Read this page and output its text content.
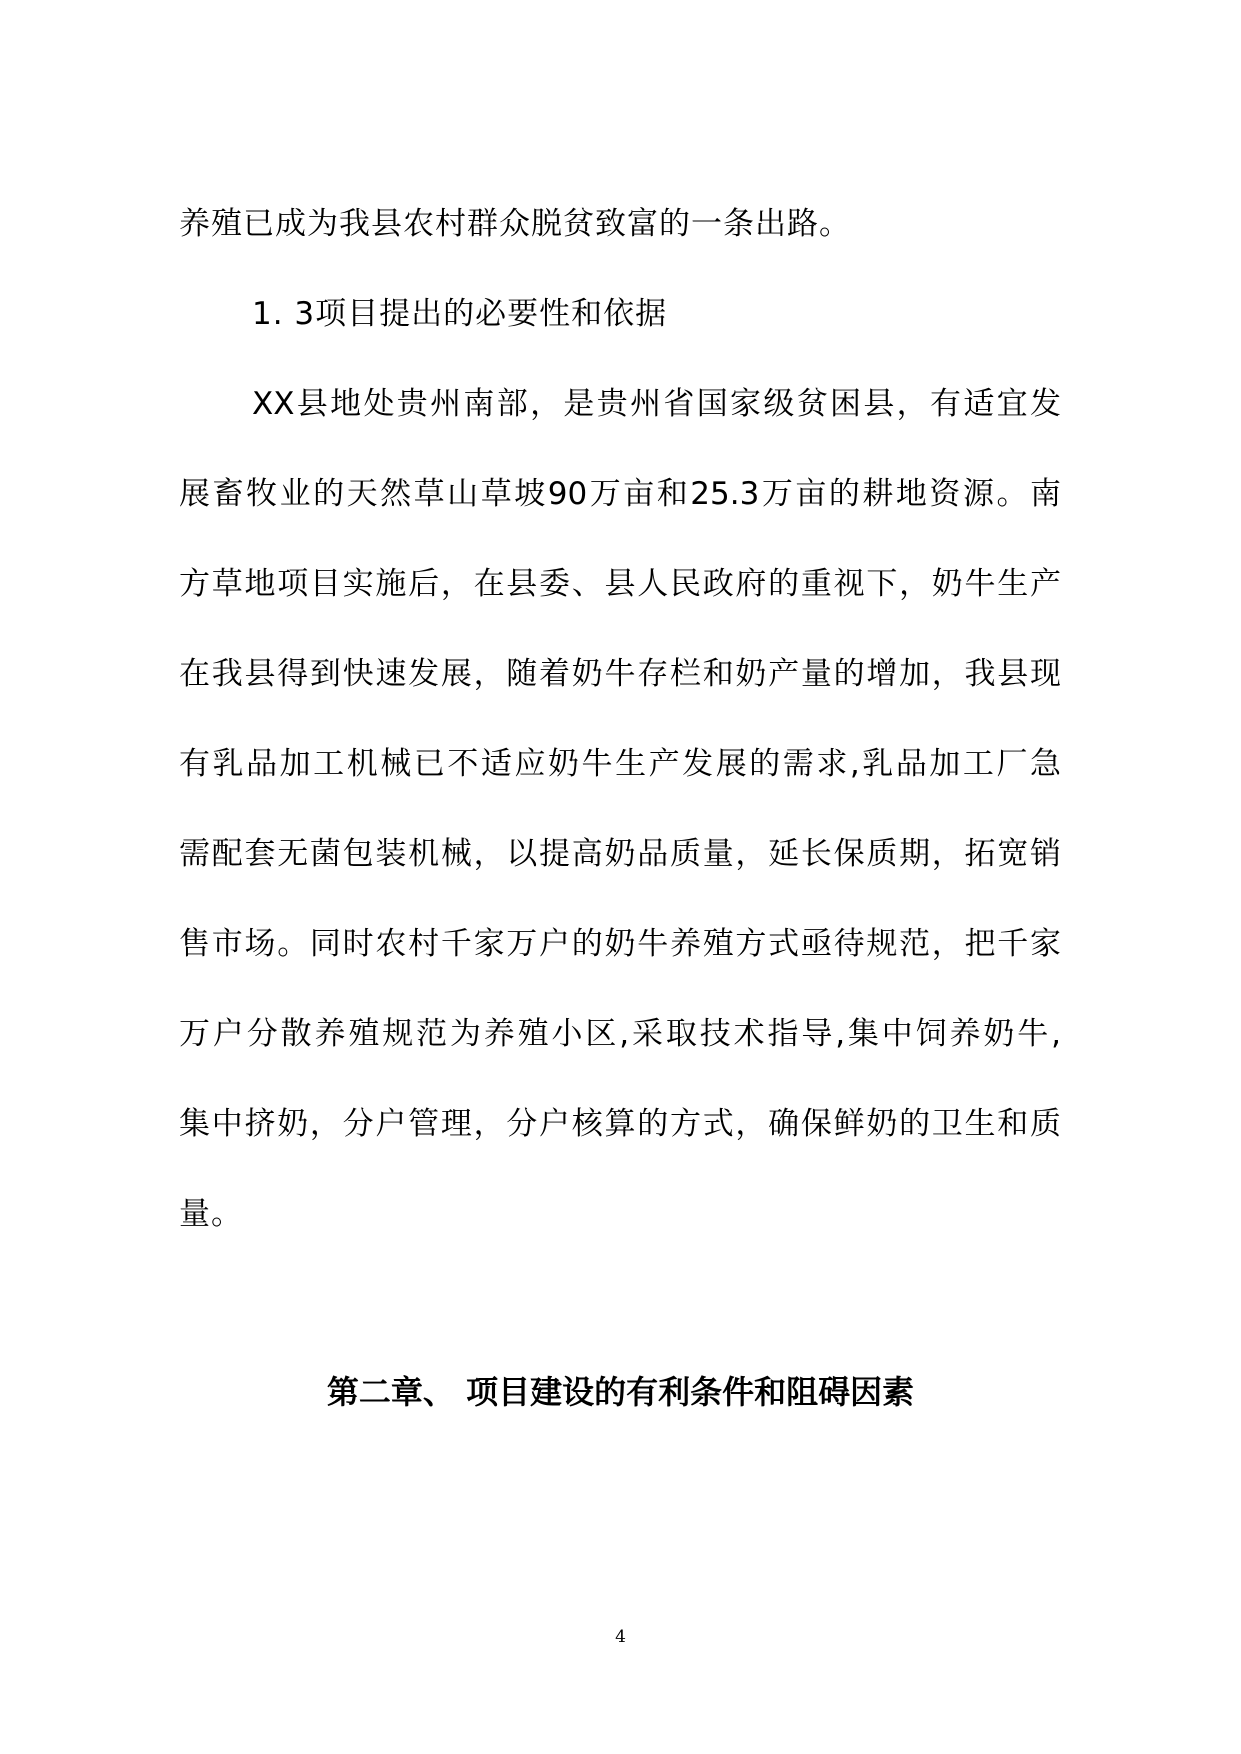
养殖已成为我县农村群众脱贫致富的一条出路。
1. 3项目提出的必要性和依据
XX县地处贵州南部，是贵州省国家级贫困县，有适宜发
展畜牧业的天然草山草坡90万亩和25.3万亩的耕地资源。南
方草地项目实施后，在县委、县人民政府的重视下，奶牛生产
在我县得到快速发展，随着奶牛存栏和奶产量的增加，我县现
有乳品加工机械已不适应奶牛生产发展的需求,乳品加工厂急
需配套无菌包装机械，以提高奶品质量，延长保质期，拓宽销
售市场。同时农村千家万户的奶牛养殖方式亟待规范，把千家
万户分散养殖规范为养殖小区,采取技术指导,集中饲养奶牛,
集中挤奶，分户管理，分户核算的方式，确保鲜奶的卫生和质
量。
第二章、 项目建设的有利条件和阻碍因素
4
